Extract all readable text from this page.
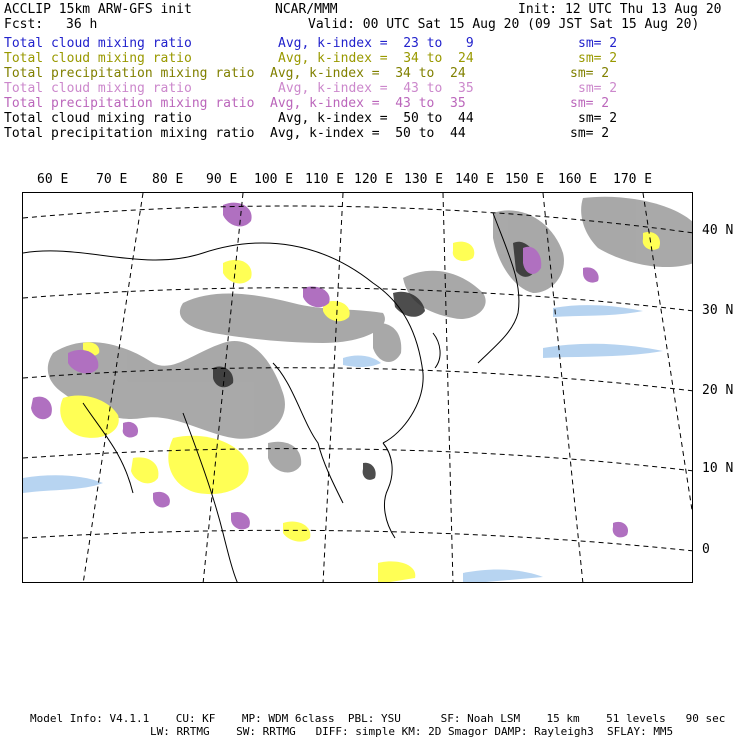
ACCLIP 15km ARW-GFS init	NCAR/MMM	Init: 12 UTC Thu 13 Aug 20
Fcst: 36 h	Valid: 00 UTC Sat 15 Aug 20 (09 JST Sat 15 Aug 20)
Total cloud mixing ratio	Avg, k-index =  23 to   9	sm= 2
Total cloud mixing ratio	Avg, k-index =  34 to  24	sm= 2
Total precipitation mixing ratio Avg, k-index =  34 to  24	sm= 2
Total cloud mixing ratio	Avg, k-index =  43 to  35	sm= 2
Total precipitation mixing ratio Avg, k-index =  43 to  35	sm= 2
Total cloud mixing ratio	Avg, k-index =  50 to  44	sm= 2
Total precipitation mixing ratio Avg, k-index =  50 to  44	sm= 2
60 E 70 E 80 E 90 E 100 E 110 E 120 E 130 E 140 E 150 E 160 E 170 E
40 N
30 N
20 N
10 N
0
Model Info: V4.1.1    CU: KF    MP: WDM 6class  PBL: YSU      SF: Noah LSM    15 km    51 levels   90 sec
LW: RRTMG    SW: RRTMG   DIFF: simple KM: 2D Smagor DAMP: Rayleigh3  SFLAY: MM5
